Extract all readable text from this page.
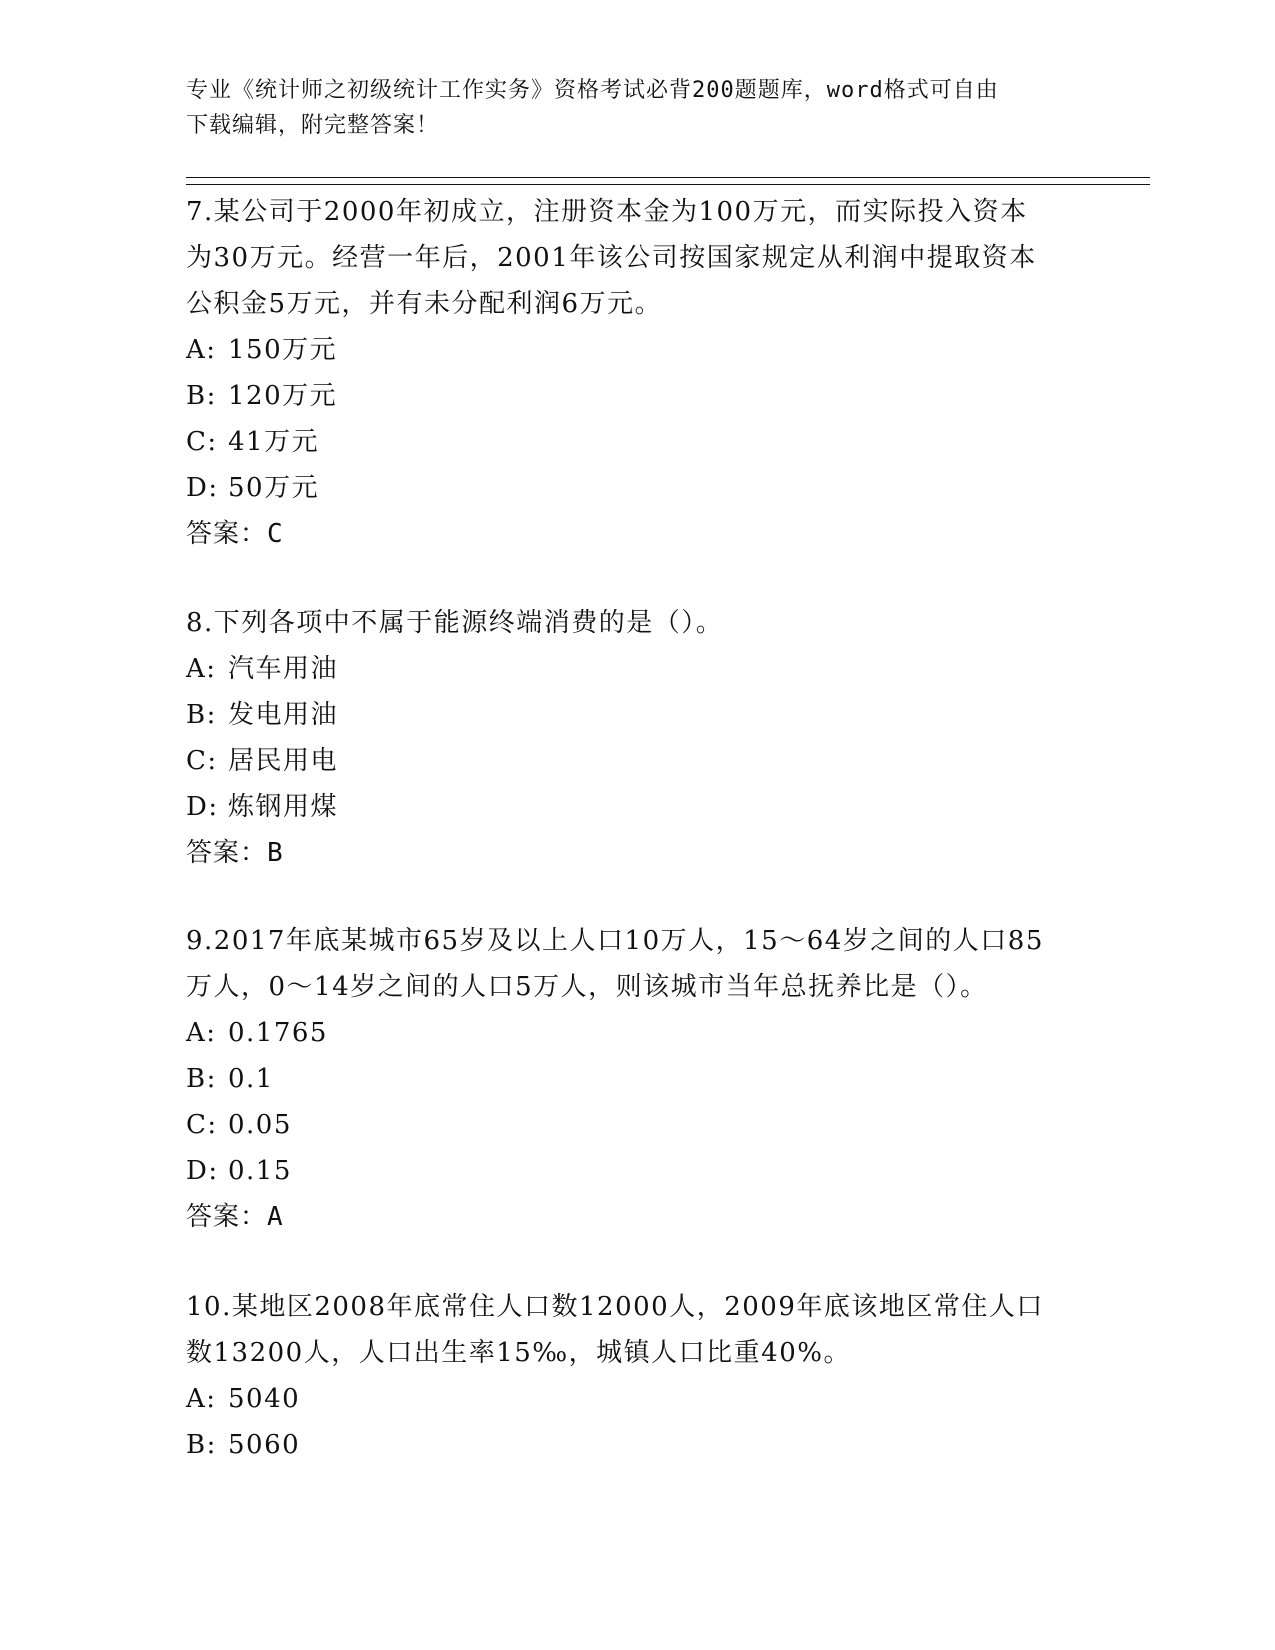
专业《统计师之初级统计工作实务》资格考试必背200题题库，word格式可自由
下载编辑，附完整答案！

7.某公司于2000年初成立，注册资本金为100万元，而实际投入资本

为30万元。经营一年后，2001年该公司按国家规定从利润中提取资本

公积金5万元，并有未分配利润6万元。

A: 150万元

B: 120万元

C: 41万元

D: 50万元

答案：C

8.下列各项中不属于能源终端消费的是（）。

A: 汽车用油

B: 发电用油

C: 居民用电

D: 炼钢用煤

答案：B

9.2017年底某城市65岁及以上人口10万人，15～64岁之间的人口85

万人，0～14岁之间的人口5万人，则该城市当年总抚养比是（）。

A: 0.1765

B: 0.1

C: 0.05

D: 0.15

答案：A

10.某地区2008年底常住人口数12000人，2009年底该地区常住人口

数13200人，人口出生率15‰，城镇人口比重40%。

A: 5040

B: 5060
